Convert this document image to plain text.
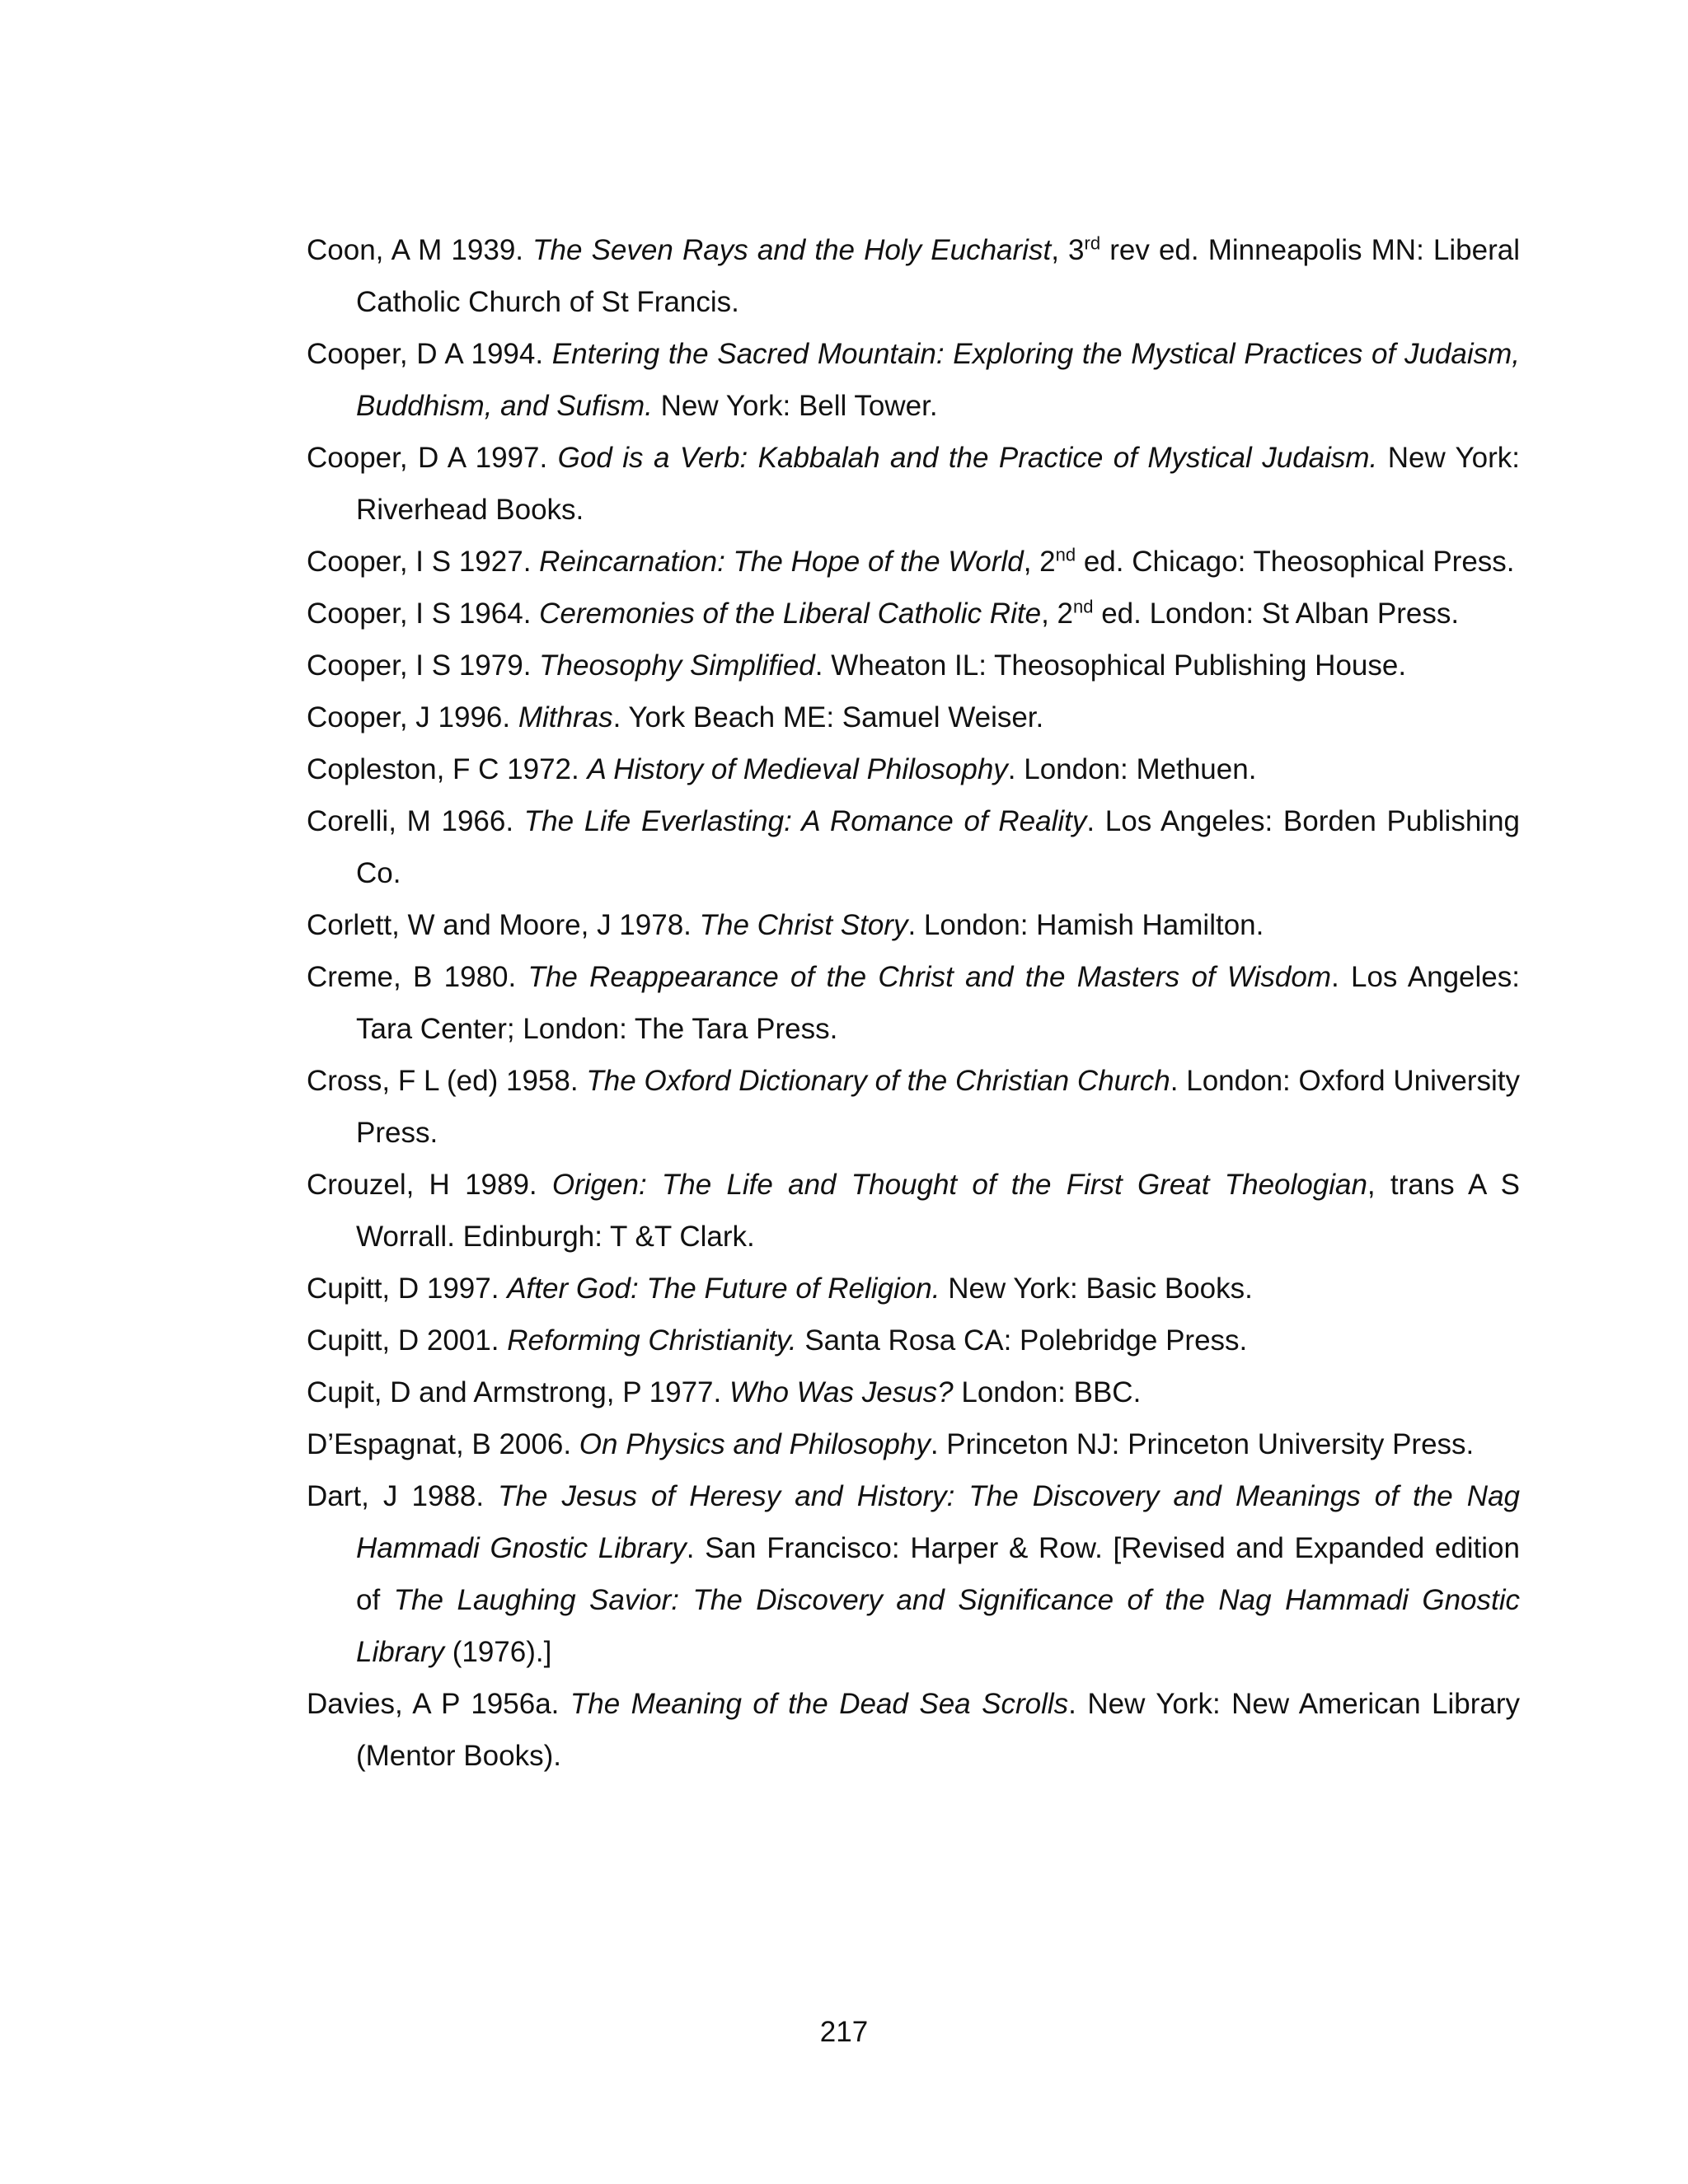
Coon, A M 1939. The Seven Rays and the Holy Eucharist, 3rd rev ed. Minneapolis MN: Liberal Catholic Church of St Francis.

Cooper, D A 1994. Entering the Sacred Mountain: Exploring the Mystical Practices of Judaism, Buddhism, and Sufism. New York: Bell Tower.

Cooper, D A 1997. God is a Verb: Kabbalah and the Practice of Mystical Judaism. New York: Riverhead Books.

Cooper, I S 1927. Reincarnation: The Hope of the World, 2nd ed. Chicago: Theosophical Press.

Cooper, I S 1964. Ceremonies of the Liberal Catholic Rite, 2nd ed. London: St Alban Press.

Cooper, I S 1979. Theosophy Simplified. Wheaton IL: Theosophical Publishing House.

Cooper, J 1996. Mithras. York Beach ME: Samuel Weiser.

Copleston, F C 1972. A History of Medieval Philosophy. London: Methuen.

Corelli, M 1966. The Life Everlasting: A Romance of Reality. Los Angeles: Borden Publishing Co.

Corlett, W and Moore, J 1978. The Christ Story. London: Hamish Hamilton.

Creme, B 1980. The Reappearance of the Christ and the Masters of Wisdom. Los Angeles: Tara Center; London: The Tara Press.

Cross, F L (ed) 1958. The Oxford Dictionary of the Christian Church. London: Oxford University Press.

Crouzel, H 1989. Origen: The Life and Thought of the First Great Theologian, trans A S Worrall. Edinburgh: T &T Clark.

Cupitt, D 1997. After God: The Future of Religion. New York: Basic Books.

Cupitt, D 2001. Reforming Christianity. Santa Rosa CA: Polebridge Press.

Cupit, D and Armstrong, P 1977. Who Was Jesus? London: BBC.

D’Espagnat, B 2006. On Physics and Philosophy. Princeton NJ: Princeton University Press.

Dart, J 1988. The Jesus of Heresy and History: The Discovery and Meanings of the Nag Hammadi Gnostic Library. San Francisco: Harper & Row. [Revised and Expanded edition of The Laughing Savior: The Discovery and Significance of the Nag Hammadi Gnostic Library (1976).]

Davies, A P 1956a. The Meaning of the Dead Sea Scrolls. New York: New American Library (Mentor Books).

217
